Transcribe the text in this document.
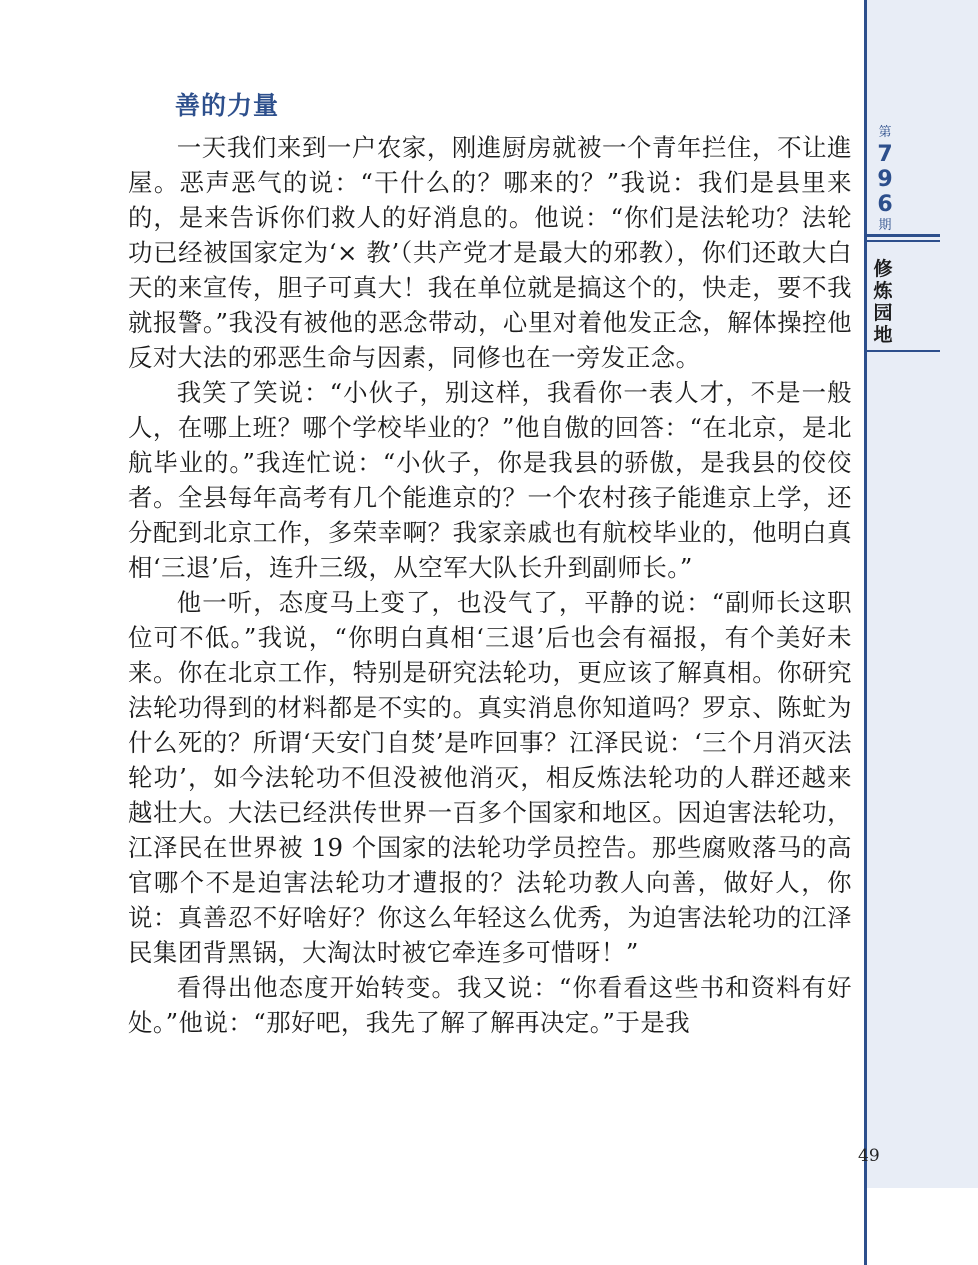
第
7
9
6
期
修
炼
园
地
善的力量

一天我们来到一户农家，刚進厨房就被一个青年拦住，不让進屋。恶声恶气的说：“干什么的？哪来的？”我说：我们是县里来的，是来告诉你们救人的好消息的。他说：“你们是法轮功？法轮功已经被国家定为‘× 教’（共产党才是最大的邪教），你们还敢大白天的来宣传，胆子可真大！我在单位就是搞这个的，快走，要不我就报警。”我没有被他的恶念带动，心里对着他发正念，解体操控他反对大法的邪恶生命与因素，同修也在一旁发正念。

我笑了笑说：“小伙子，别这样，我看你一表人才，不是一般人，在哪上班？哪个学校毕业的？”他自傲的回答：“在北京，是北航毕业的。”我连忙说：“小伙子，你是我县的骄傲，是我县的佼佼者。全县每年高考有几个能進京的？一个农村孩子能進京上学，还分配到北京工作，多荣幸啊？我家亲戚也有航校毕业的，他明白真相‘三退’后，连升三级，从空军大队长升到副师长。”

他一听，态度马上变了，也没气了，平静的说：“副师长这职位可不低。”我说，“你明白真相‘三退’后也会有福报，有个美好未来。你在北京工作，特别是研究法轮功，更应该了解真相。你研究法轮功得到的材料都是不实的。真实消息你知道吗？罗京、陈虻为什么死的？所谓‘天安门自焚’是咋回事？江泽民说：‘三个月消灭法轮功’，如今法轮功不但没被他消灭，相反炼法轮功的人群还越来越壮大。大法已经洪传世界一百多个国家和地区。因迫害法轮功，江泽民在世界被 19 个国家的法轮功学员控告。那些腐败落马的高官哪个不是迫害法轮功才遭报的？法轮功教人向善，做好人，你说：真善忍不好啥好？你这么年轻这么优秀，为迫害法轮功的江泽民集团背黑锅，大淘汰时被它牵连多可惜呀！”

看得出他态度开始转变。我又说：“你看看这些书和资料有好处。”他说：“那好吧，我先了解了解再决定。”于是我

49
